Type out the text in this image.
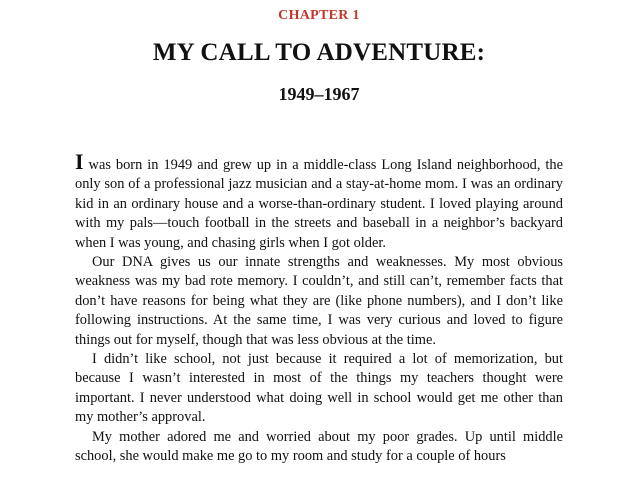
CHAPTER 1
MY CALL TO ADVENTURE:
1949–1967

I was born in 1949 and grew up in a middle-class Long Island neighborhood, the only son of a professional jazz musician and a stay-at-home mom. I was an ordinary kid in an ordinary house and a worse-than-ordinary student. I loved playing around with my pals—touch football in the streets and baseball in a neighbor’s backyard when I was young, and chasing girls when I got older.

Our DNA gives us our innate strengths and weaknesses. My most obvious weakness was my bad rote memory. I couldn’t, and still can’t, remember facts that don’t have reasons for being what they are (like phone numbers), and I don’t like following instructions. At the same time, I was very curious and loved to figure things out for myself, though that was less obvious at the time.

I didn’t like school, not just because it required a lot of memorization, but because I wasn’t interested in most of the things my teachers thought were important. I never understood what doing well in school would get me other than my mother’s approval.

My mother adored me and worried about my poor grades. Up until middle school, she would make me go to my room and study for a couple of hours
